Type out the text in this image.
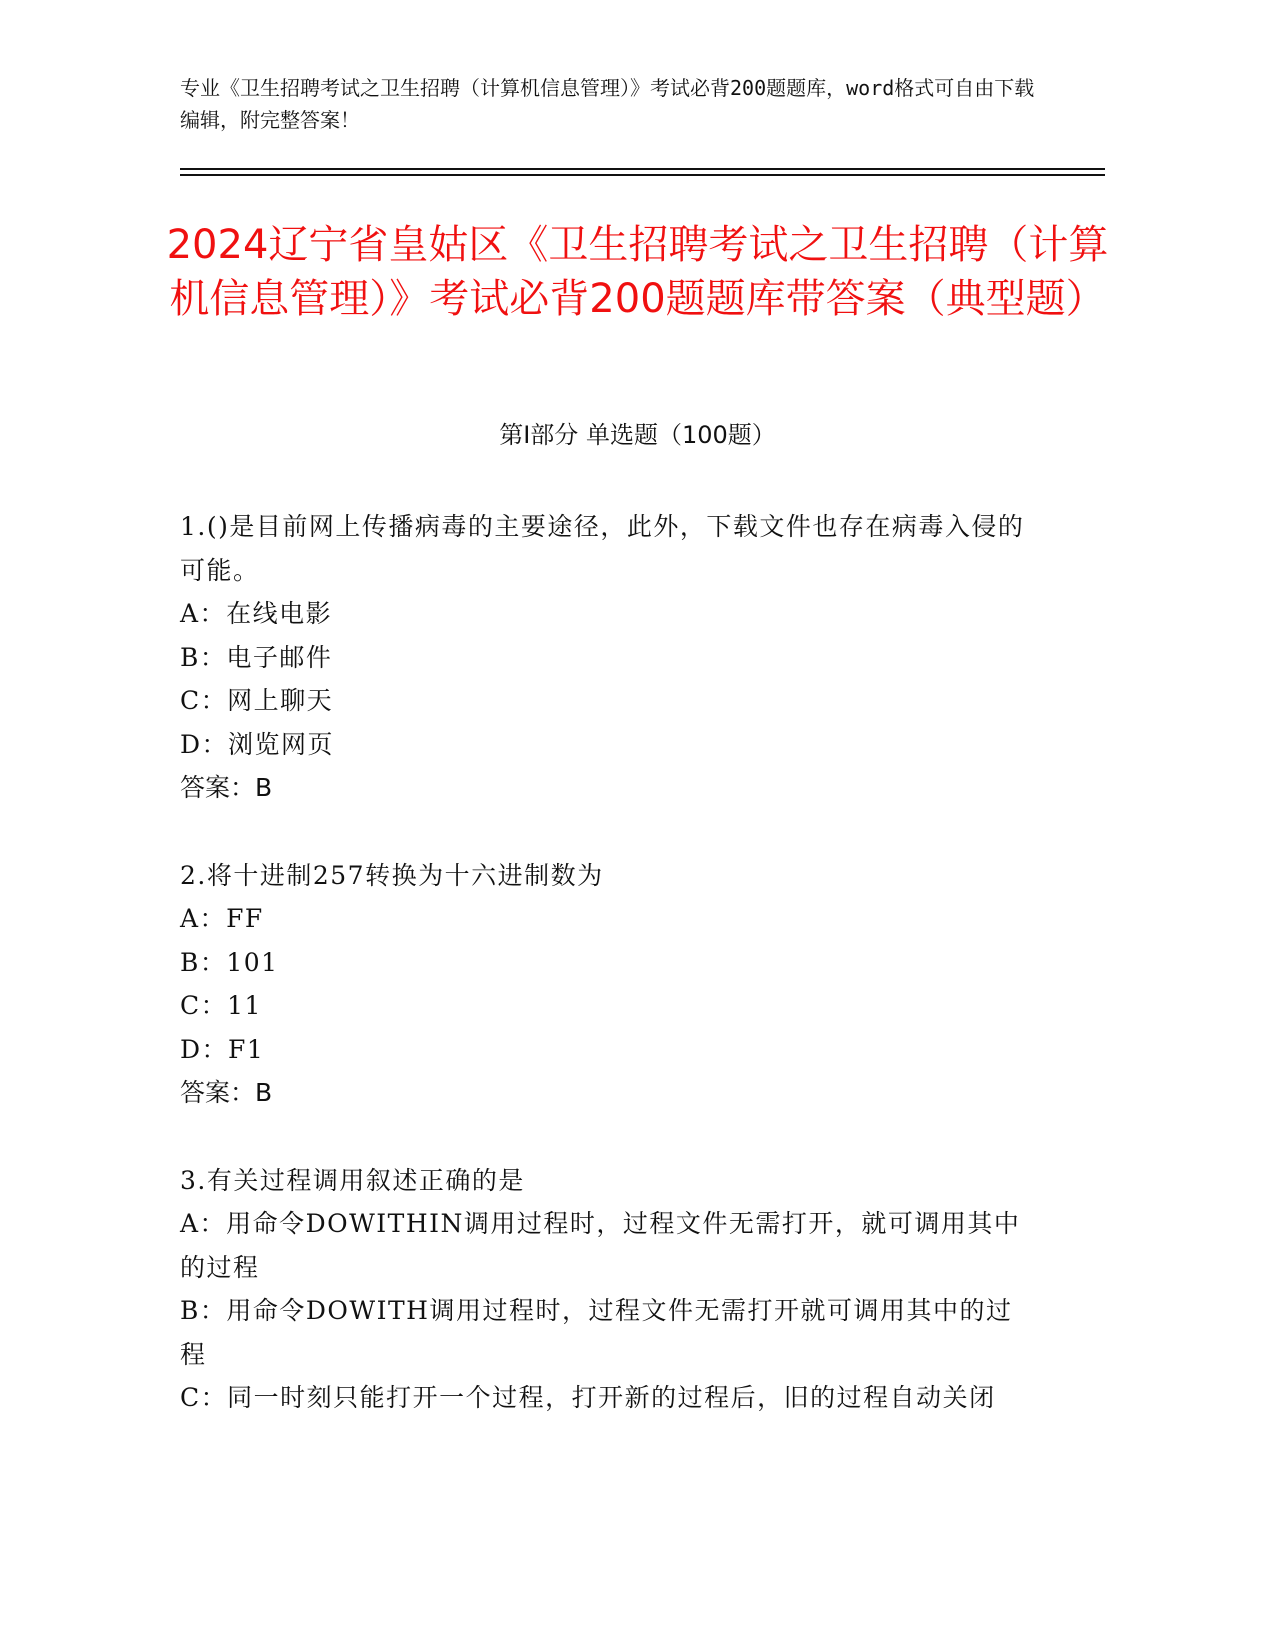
专业《卫生招聘考试之卫生招聘（计算机信息管理）》考试必背200题题库，word格式可自由下载编辑，附完整答案！
2024辽宁省皇姑区《卫生招聘考试之卫生招聘（计算机信息管理）》考试必背200题题库带答案（典型题）
第Ⅰ部分 单选题（100题）
1.()是目前网上传播病毒的主要途径，此外，下载文件也存在病毒入侵的可能。
A：在线电影
B：电子邮件
C：网上聊天
D：浏览网页
答案：B
2.将十进制257转换为十六进制数为
A：FF
B：101
C：11
D：F1
答案：B
3.有关过程调用叙述正确的是
A：用命令DOWITHIN调用过程时，过程文件无需打开，就可调用其中的过程
B：用命令DOWITH调用过程时，过程文件无需打开就可调用其中的过程
C：同一时刻只能打开一个过程，打开新的过程后，旧的过程自动关闭
